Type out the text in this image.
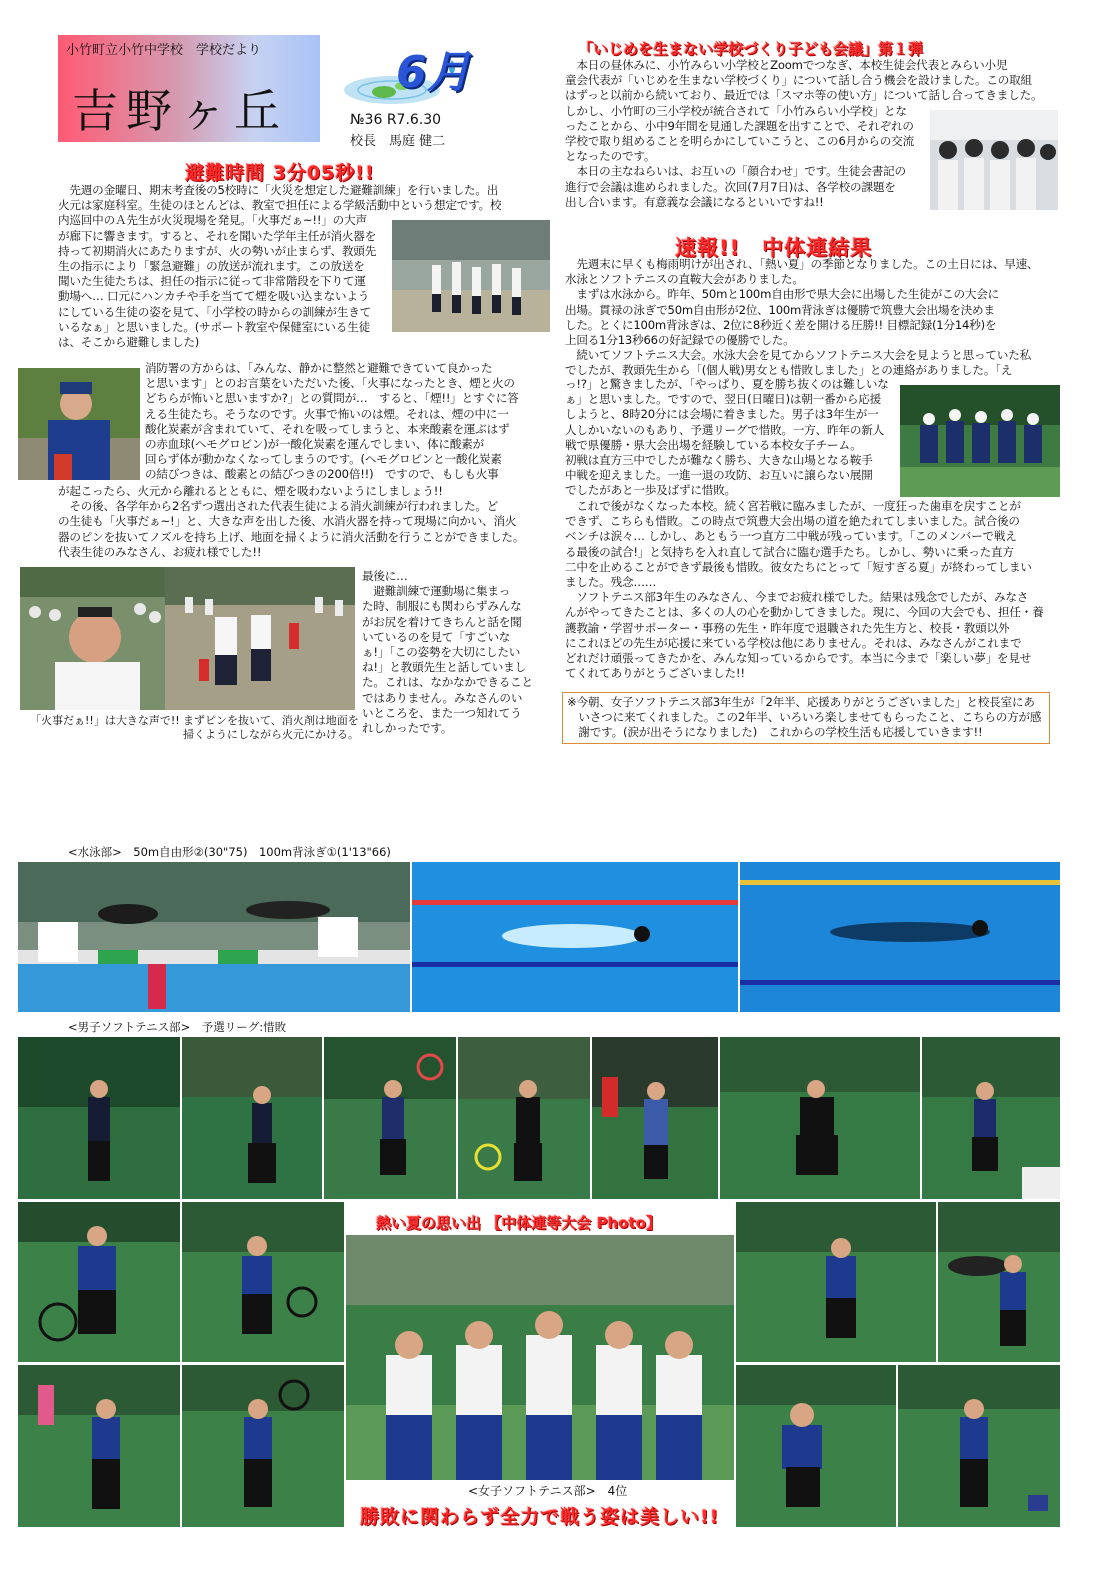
小竹町立小竹中学校　学校だより
吉野ヶ丘
6月
№36 R7.6.30
校長　馬庭 健二
避難時間 3分05秒!!
　先週の金曜日、期末考査後の5校時に「火災を想定した避難訓練」を行いました。出
火元は家庭科室。生徒のほとんどは、教室で担任による学級活動中という想定です。校
内巡回中のＡ先生が火災現場を発見。「火事だぁ~!!」の大声
が廊下に響きます。すると、それを聞いた学年主任が消火器を
持って初期消火にあたりますが、火の勢いが止まらず、教頭先
生の指示により「緊急避難」の放送が流れます。この放送を
聞いた生徒たちは、担任の指示に従って非常階段を下りて運
動場へ… 口元にハンカチや手を当てて煙を吸い込まないよう
にしている生徒の姿を見て、「小学校の時からの訓練が生きて
いるなぁ」と思いました。(サポート教室や保健室にいる生徒
は、そこから避難しました)
消防署の方からは、「みんな、静かに整然と避難できていて良かった
と思います」とのお言葉をいただいた後、「火事になったとき、煙と火の
どちらが怖いと思いますか?」との質問が…　すると、「煙!!」とすぐに答
える生徒たち。そうなのです。火事で怖いのは煙。それは、煙の中に一
酸化炭素が含まれていて、それを吸ってしまうと、本来酸素を運ぶはず
の赤血球(ヘモグロビン)が一酸化炭素を運んでしまい、体に酸素が
回らず体が動かなくなってしまうのです。(ヘモグロビンと一酸化炭素
の結びつきは、酸素との結びつきの200倍!!)　ですので、もしも火事
が起こったら、火元から離れるとともに、煙を吸わないようにしましょう!!
　その後、各学年から2名ずつ選出された代表生徒による消火訓練が行われました。ど
の生徒も「火事だぁ~!」と、大きな声を出した後、水消火器を持って現場に向かい、消火
器のピンを抜いてノズルを持ち上げ、地面を掃くように消火活動を行うことができました。
代表生徒のみなさん、お疲れ様でした!!
「火事だぁ!!」は大きな声で!! まずピンを抜いて、消火剤は地面を
掃くようにしながら火元にかける。
最後に…
　避難訓練で運動場に集まっ
た時、制服にも関わらずみんな
がお尻を着けてきちんと話を聞
いているのを見て「すごいな
ぁ!」「この姿勢を大切にしたい
ね!」と教頭先生と話していまし
た。これは、なかなかできること
ではありません。みなさんのい
いところを、また一つ知れてう
れしかったです。
「いじめを生まない学校づくり子ども会議」第１弾
　本日の昼休みに、小竹みらい小学校とZoomでつなぎ、本校生徒会代表とみらい小児
童会代表が「いじめを生まない学校づくり」について話し合う機会を設けました。この取組
はずっと以前から続いており、最近では「スマホ等の使い方」について話し合ってきました。
しかし、小竹町の三小学校が統合されて「小竹みらい小学校」とな
ったことから、小中9年間を見通した課題を出すことで、それぞれの
学校で取り組めることを明らかにしていこうと、この6月からの交流
となったのです。
　本日の主なねらいは、お互いの「顔合わせ」です。生徒会書記の
進行で会議は進められました。次回(7月7日)は、各学校の課題を
出し合います。有意義な会議になるといいですね!!
速報!!　中体連結果
　先週末に早くも梅雨明けが出され、「熱い夏」の季節となりました。この土日には、早速、
水泳とソフトテニスの直鞍大会がありました。
　まずは水泳から。昨年、50mと100m自由形で県大会に出場した生徒がこの大会に
出場。貫禄の泳ぎで50m自由形が2位、100m背泳ぎは優勝で筑豊大会出場を決めま
した。とくに100m背泳ぎは、2位に8秒近く差を開ける圧勝!! 目標記録(1分14秒)を
上回る1分13秒66の好記録での優勝でした。
　続いてソフトテニス大会。水泳大会を見てからソフトテニス大会を見ようと思っていた私
でしたが、教頭先生から「(個人戦)男女とも惜敗しました」との連絡がありました。「え
っ!?」と驚きましたが、「やっぱり、夏を勝ち抜くのは難しいな
ぁ」と思いました。ですので、翌日(日曜日)は朝一番から応援
しようと、8時20分には会場に着きました。男子は3年生が一
人しかいないのもあり、予選リーグで惜敗。一方、昨年の新人
戦で県優勝・県大会出場を経験している本校女子チーム。
初戦は直方三中でしたが難なく勝ち、大きな山場となる鞍手
中戦を迎えました。一進一退の攻防、お互いに譲らない展開
でしたがあと一歩及ばずに惜敗。
　これで後がなくなった本校。続く宮若戦に臨みましたが、一度狂った歯車を戻すことが
できず、こちらも惜敗。この時点で筑豊大会出場の道を絶たれてしまいました。試合後の
ベンチは涙々… しかし、あともう一つ直方二中戦が残っています。「このメンバーで戦え
る最後の試合!」と気持ちを入れ直して試合に臨む選手たち。しかし、勢いに乗った直方
二中を止めることができず最後も惜敗。彼女たちにとって「短すぎる夏」が終わってしまい
ました。残念……
　ソフトテニス部3年生のみなさん、今までお疲れ様でした。結果は残念でしたが、みなさ
んがやってきたことは、多くの人の心を動かしてきました。現に、今回の大会でも、担任・養
護教諭・学習サポーター・事務の先生・昨年度で退職された先生方と、校長・教頭以外
にこれほどの先生が応援に来ている学校は他にありません。それは、みなさんがこれまで
どれだけ頑張ってきたかを、みんな知っているからです。本当に今まで「楽しい夢」を見せ
てくれてありがとうございました!!
※今朝、女子ソフトテニス部3年生が「2年半、応援ありがとうございました」と校長室にあ
　いさつに来てくれました。この2年半、いろいろ楽しませてもらったこと、こちらの方が感
　謝です。(涙が出そうになりました)　これからの学校生活も応援していきます!!
<水泳部>　50m自由形②(30"75)　100m背泳ぎ①(1'13"66)
<男子ソフトテニス部>　予選リーグ:惜敗
熱い夏の思い出 【中体連等大会 Photo】
<女子ソフトテニス部>　4位
勝敗に関わらず全力で戦う姿は美しい!!
